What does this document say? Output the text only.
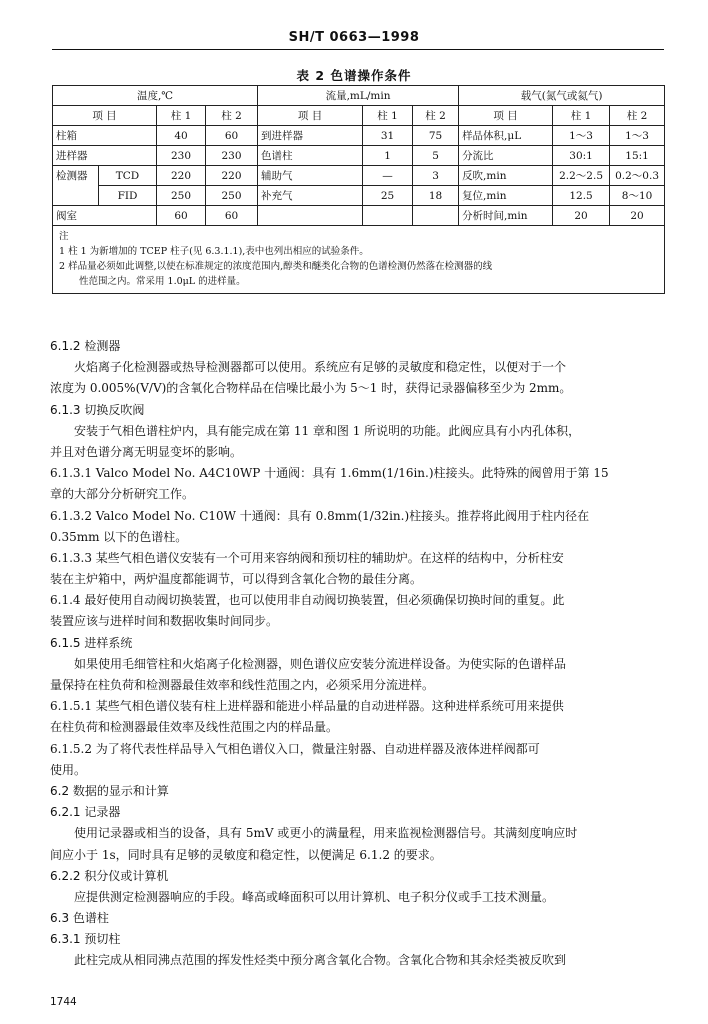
SH/T 0663—1998
表 2 色谱操作条件
温度,℃				流量,mL/min			载气(氮气或氦气)		
项 目		柱 1	柱 2	项 目	柱 1	柱 2	项 目	柱 1	柱 2
柱箱		40	60	到进样器	31	75	样品体积,μL	1～3	1～3
进样器		230	230	色谱柱	1	5	分流比	30:1	15:1
检测器	TCD	220	220	辅助气	—	3	反吹,min	2.2～2.5	0.2～0.3
	FID	250	250	补充气	25	18	复位,min	12.5	8～10
阀室		60	60				分析时间,min	20	20

注
1 柱 1 为新增加的 TCEP 柱子(见 6.3.1.1),表中也列出相应的试验条件。
2 样品量必须如此调整,以使在标准规定的浓度范围内,醇类和醚类化合物的色谱检测仍然落在检测器的线
性范围之内。常采用 1.0μL 的进样量。									
6.1.2 检测器
火焰离子化检测器或热导检测器都可以使用。系统应有足够的灵敏度和稳定性，以便对于一个
浓度为 0.005%(V/V)的含氧化合物样品在信噪比最小为 5～1 时，获得记录器偏移至少为 2mm。
6.1.3 切换反吹阀
安装于气相色谱柱炉内，具有能完成在第 11 章和图 1 所说明的功能。此阀应具有小内孔体积，
并且对色谱分离无明显变坏的影响。
6.1.3.1 Valco Model No. A4C10WP 十通阀：具有 1.6mm(1/16in.)柱接头。此特殊的阀曾用于第 15
章的大部分分析研究工作。
6.1.3.2 Valco Model No. C10W 十通阀：具有 0.8mm(1/32in.)柱接头。推荐将此阀用于柱内径在
0.35mm 以下的色谱柱。
6.1.3.3 某些气相色谱仪安装有一个可用来容纳阀和预切柱的辅助炉。在这样的结构中，分析柱安
装在主炉箱中，两炉温度都能调节，可以得到含氧化合物的最佳分离。
6.1.4 最好使用自动阀切换装置，也可以使用非自动阀切换装置，但必须确保切换时间的重复。此
装置应该与进样时间和数据收集时间同步。
6.1.5 进样系统
如果使用毛细管柱和火焰离子化检测器，则色谱仪应安装分流进样设备。为使实际的色谱样品
量保持在柱负荷和检测器最佳效率和线性范围之内，必须采用分流进样。
6.1.5.1 某些气相色谱仪装有柱上进样器和能进小样品量的自动进样器。这种进样系统可用来提供
在柱负荷和检测器最佳效率及线性范围之内的样品量。
6.1.5.2 为了将代表性样品导入气相色谱仪入口，微量注射器、自动进样器及液体进样阀都可
使用。
6.2 数据的显示和计算
6.2.1 记录器
使用记录器或相当的设备，具有 5mV 或更小的满量程，用来监视检测器信号。其满刻度响应时
间应小于 1s，同时具有足够的灵敏度和稳定性，以便满足 6.1.2 的要求。
6.2.2 积分仪或计算机
应提供测定检测器响应的手段。峰高或峰面积可以用计算机、电子积分仪或手工技术测量。
6.3 色谱柱
6.3.1 预切柱
此柱完成从相同沸点范围的挥发性烃类中预分离含氧化合物。含氧化合物和其余烃类被反吹到
1744
